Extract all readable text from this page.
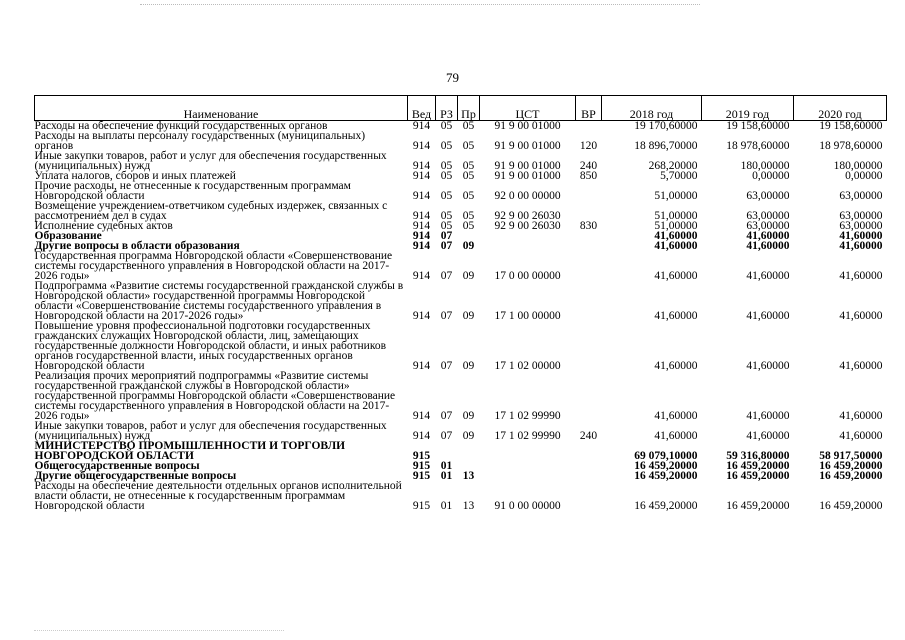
79
Наименование	Вед	РЗ	Пр	ЦСТ	ВР	2018 год	2019 год	2020 год
Расходы на обеспечение функций государственных органов	914	05	05	91 9 00 01000		19 170,60000	19 158,60000	19 158,60000
Расходы на выплаты персоналу государственных (муниципальных) органов	914	05	05	91 9 00 01000	120	18 896,70000	18 978,60000	18 978,60000
Иные закупки товаров, работ и услуг для обеспечения государственных (муниципальных) нужд	914	05	05	91 9 00 01000	240	268,20000	180,00000	180,00000
Уплата налогов, сборов и иных платежей	914	05	05	91 9 00 01000	850	5,70000	0,00000	0,00000
Прочие расходы, не отнесенные к государственным программам Новгородской области	914	05	05	92 0 00 00000		51,00000	63,00000	63,00000
Возмещение учреждением-ответчиком судебных издержек, связанных с рассмотрением дел в судах	914	05	05	92 9 00 26030		51,00000	63,00000	63,00000
Исполнение судебных актов	914	05	05	92 9 00 26030	830	51,00000	63,00000	63,00000
Образование	914	07				41,60000	41,60000	41,60000
Другие вопросы в области образования	914	07	09			41,60000	41,60000	41,60000
Государственная программа Новгородской области «Совершенствование системы государственного управления в Новгородской области на 2017-2026 годы»	914	07	09	17 0 00 00000		41,60000	41,60000	41,60000
Подпрограмма «Развитие системы государственной гражданской службы в Новгородской области» государственной программы Новгородской области «Совершенствование системы государственного управления в Новгородской области на 2017-2026 годы»	914	07	09	17 1 00 00000		41,60000	41,60000	41,60000
Повышение уровня профессиональной подготовки государственных гражданских служащих Новгородской области, лиц, замещающих государственные должности Новгородской области, и иных работников органов государственной власти, иных государственных органов Новгородской области	914	07	09	17 1 02 00000		41,60000	41,60000	41,60000
Реализация прочих мероприятий подпрограммы «Развитие системы государственной гражданской службы в Новгородской области» государственной программы Новгородской области «Совершенствование системы государственного управления в Новгородской области на 2017-2026 годы»	914	07	09	17 1 02 99990		41,60000	41,60000	41,60000
Иные закупки товаров, работ и услуг для обеспечения государственных (муниципальных) нужд	914	07	09	17 1 02 99990	240	41,60000	41,60000	41,60000
МИНИСТЕРСТВО ПРОМЫШЛЕННОСТИ И ТОРГОВЛИ НОВГОРОДСКОЙ ОБЛАСТИ	915					69 079,10000	59 316,80000	58 917,50000
Общегосударственные вопросы	915	01				16 459,20000	16 459,20000	16 459,20000
Другие общегосударственные вопросы	915	01	13			16 459,20000	16 459,20000	16 459,20000
Расходы на обеспечение деятельности отдельных органов исполнительной власти области, не отнесенные к государственным программам Новгородской области	915	01	13	91 0 00 00000		16 459,20000	16 459,20000	16 459,20000
